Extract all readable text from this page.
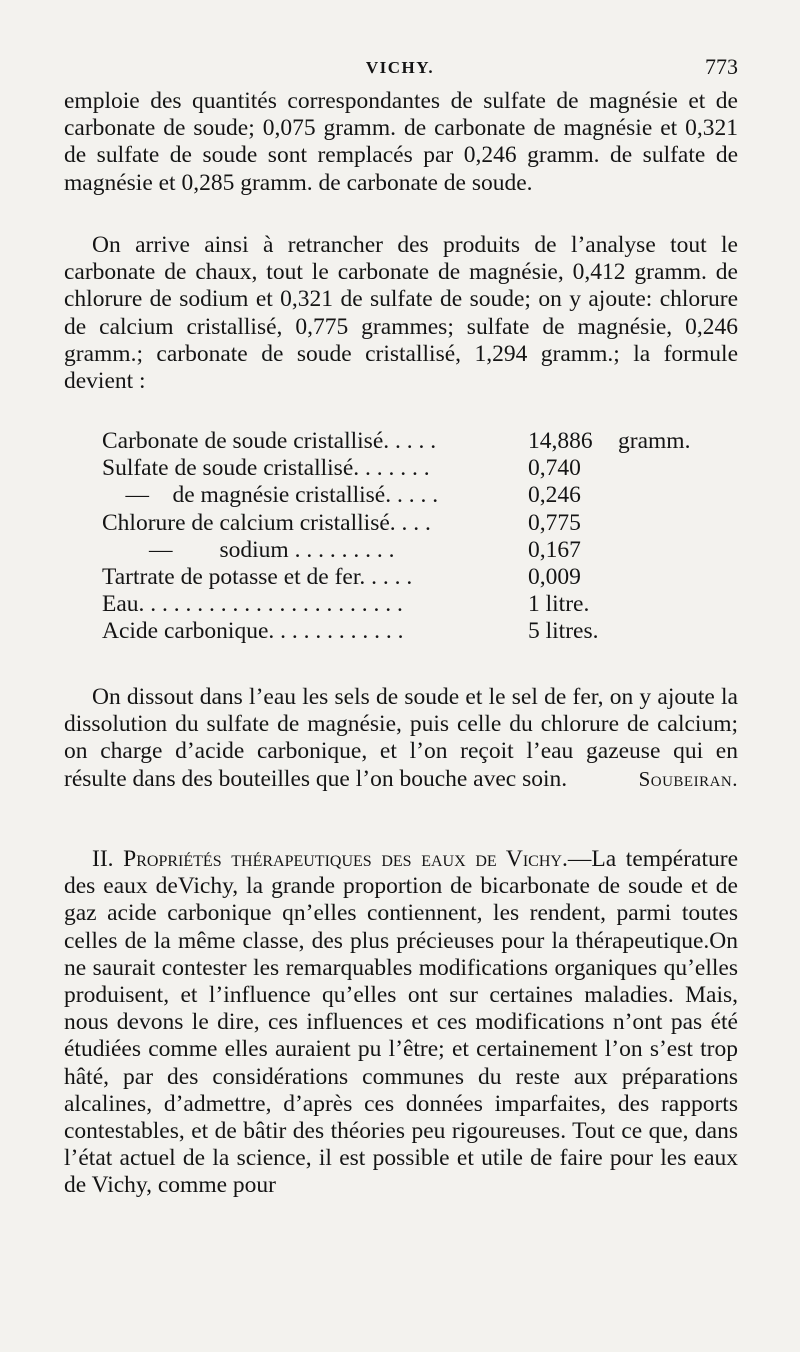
VICHY.	773

emploie des quantités correspondantes de sulfate de magnésie et de carbonate de soude; 0,075 gramm. de carbonate de magnésie et 0,321 de sulfate de soude sont remplacés par 0,246 gramm. de sulfate de magnésie et 0,285 gramm. de carbonate de soude.

On arrive ainsi à retrancher des produits de l’analyse tout le carbonate de chaux, tout le carbonate de magnésie, 0,412 gramm. de chlorure de sodium et 0,321 de sulfate de soude; on y ajoute: chlorure de calcium cristallisé, 0,775 grammes; sulfate de magnésie, 0,246 gramm.; carbonate de soude cristallisé, 1,294 gramm.; la formule devient :

Carbonate de soude cristallisé. . . . .	14,886	gramm.
Sulfate de soude cristallisé. . . . . . .	0,740
—    de magnésie cristallisé. . . . .	0,246
Chlorure de calcium cristallisé. . . .	0,775
—        sodium . . . . . . . . .	0,167
Tartrate de potasse et de fer. . . . .	0,009
Eau. . . . . . . . . . . . . . . . . . . . . . .	1 litre.
Acide carbonique. . . . . . . . . . . .	5 litres.

On dissout dans l’eau les sels de soude et le sel de fer, on y ajoute la dissolution du sulfate de magnésie, puis celle du chlorure de calcium; on charge d’acide carbonique, et l’on reçoit l’eau gazeuse qui en résulte dans des bouteilles que l’on bouche avec soin.	Soubeiran.

II. Propriétés thérapeutiques des eaux de Vichy.—La température des eaux deVichy, la grande proportion de bicarbonate de soude et de gaz acide carbonique qn’elles contiennent, les rendent, parmi toutes celles de la même classe, des plus précieuses pour la thérapeutique.On ne saurait contester les remarquables modifications organiques qu’elles produisent, et l’influence qu’elles ont sur certaines maladies. Mais, nous devons le dire, ces influences et ces modifications n’ont pas été étudiées comme elles auraient pu l’être; et certainement l’on s’est trop hâté, par des considérations communes du reste aux préparations alcalines, d’admettre, d’après ces données imparfaites, des rapports contestables, et de bâtir des théories peu rigoureuses. Tout ce que, dans l’état actuel de la science, il est possible et utile de faire pour les eaux de Vichy, comme pour
